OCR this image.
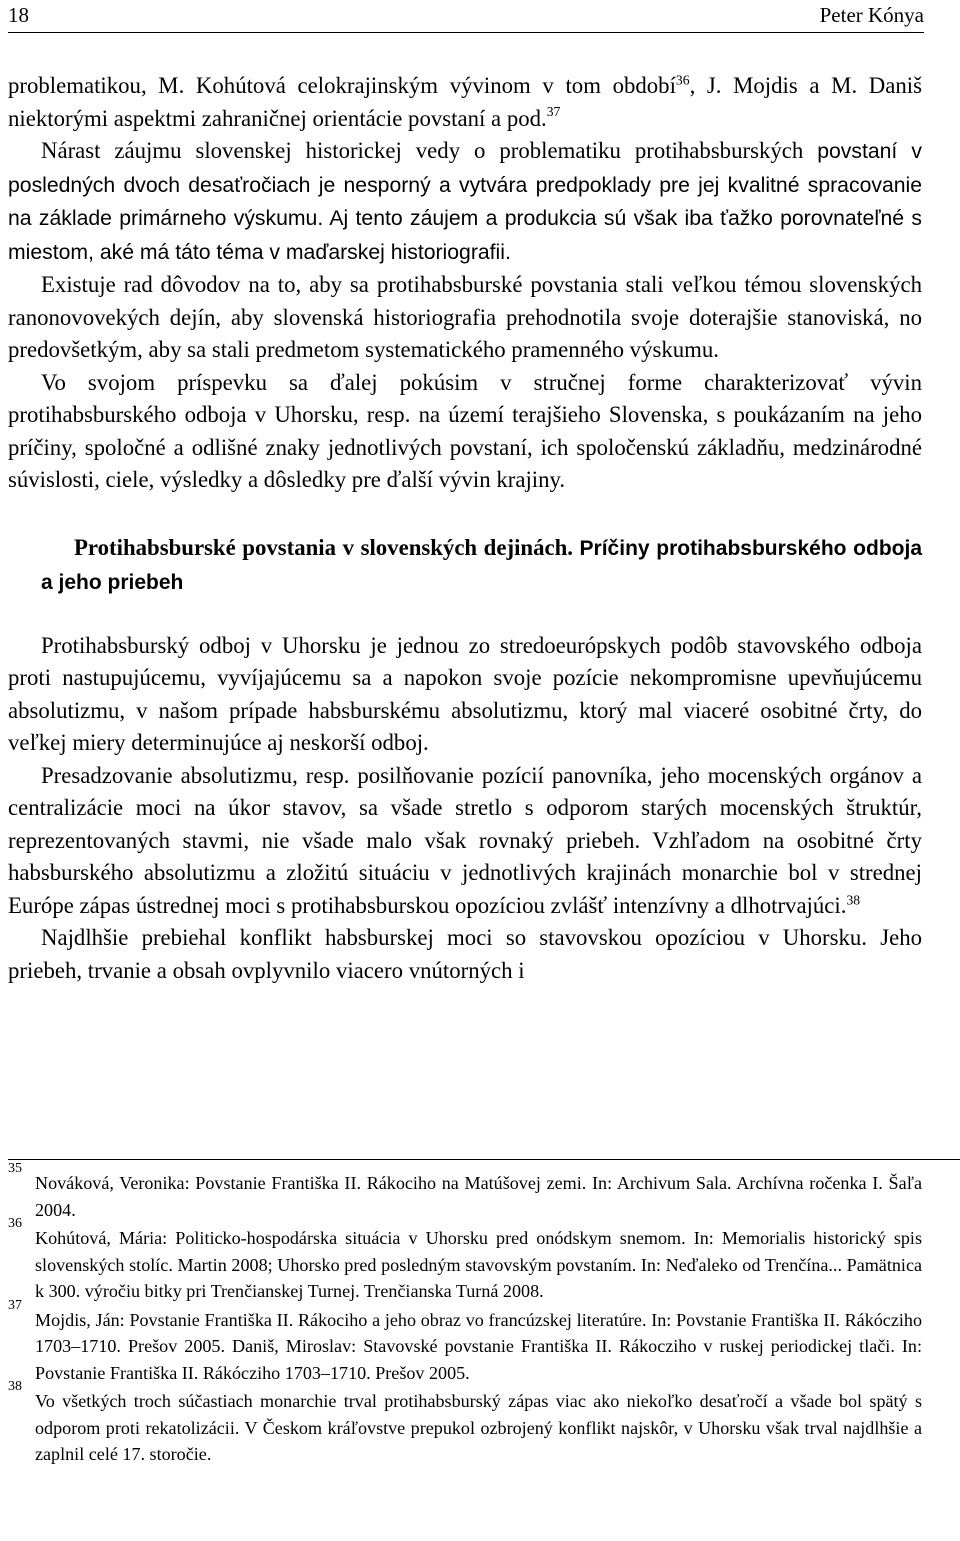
18	Peter Kónya

problematikou, M. Kohútová celokrajinským vývinom v tom období$^{36}$, J. Mojdis a M. Daniš niektorými aspektmi zahraničnej orientácie povstaní a pod.$^{37}$

Nárast záujmu slovenskej historickej vedy o problematiku protihabsburských povstaní v posledných dvoch desaťročiach je nesporný a vytvára predpoklady pre jej kvalitné spracovanie na základe primárneho výskumu. Aj tento záujem a produkcia sú však iba ťažko porovnateľné s miestom, aké má táto téma v maďarskej historiografii.

Existuje rad dôvodov na to, aby sa protihabsburské povstania stali veľkou témou slovenských ranonovovekých dejín, aby slovenská historiografia prehodnotila svoje doterajšie stanoviská, no predovšetkým, aby sa stali predmetom systematického pramenného výskumu.

Vo svojom príspevku sa ďalej pokúsim v stručnej forme charakterizovať vývin protihabsburského odboja v Uhorsku, resp. na území terajšieho Slovenska, s poukázaním na jeho príčiny, spoločné a odlišné znaky jednotlivých povstaní, ich spoločenskú základňu, medzinárodné súvislosti, ciele, výsledky a dôsledky pre ďalší vývin krajiny.

Protihabsburské povstania v slovenských dejinách. Príčiny protihabsburského odboja a jeho priebeh

Protihabsburský odboj v Uhorsku je jednou zo stredoeurópskych podôb stavovského odboja proti nastupujúcemu, vyvíjajúcemu sa a napokon svoje pozície nekompromisne upevňujúcemu absolutizmu, v našom prípade habsburskému absolutizmu, ktorý mal viaceré osobitné črty, do veľkej miery determinujúce aj neskorší odboj.

Presadzovanie absolutizmu, resp. posilňovanie pozícií panovníka, jeho mocenských orgánov a centralizácie moci na úkor stavov, sa všade stretlo s odporom starých mocenských štruktúr, reprezentovaných stavmi, nie všade malo však rovnaký priebeh. Vzhľadom na osobitné črty habsburského absolutizmu a zložitú situáciu v jednotlivých krajinách monarchie bol v strednej Európe zápas ústrednej moci s protihabsburskou opozíciou zvlášť intenzívny a dlhotrvajúci.$^{38}$

Najdlhšie prebiehal konflikt habsburskej moci so stavovskou opozíciou v Uhorsku. Jeho priebeh, trvanie a obsah ovplyvnilo viacero vnútorných i

35
Nováková, Veronika: Povstanie Františka II. Rákociho na Matúšovej zemi. In: Archivum Sala. Archívna ročenka I. Šaľa 2004.
36
Kohútová, Mária: Politicko-hospodárska situácia v Uhorsku pred onódskym snemom. In: Memorialis historický spis slovenských stolíc. Martin 2008; Uhorsko pred posledným stavovským povstaním. In: Neďaleko od Trenčína... Pamätnica k 300. výročiu bitky pri Trenčianskej Turnej. Trenčianska Turná 2008.
37
Mojdis, Ján: Povstanie Františka II. Rákociho a jeho obraz vo francúzskej literatúre. In: Povstanie Františka II. Rákócziho 1703–1710. Prešov 2005. Daniš, Miroslav: Stavovské povstanie Františka II. Rákocziho v ruskej periodickej tlači. In: Povstanie Františka II. Rákócziho 1703–1710. Prešov 2005.
38
Vo všetkých troch súčastiach monarchie trval protihabsburský zápas viac ako niekoľko desaťročí a všade bol spätý s odporom proti rekatolizácii. V Českom kráľovstve prepukol ozbrojený konflikt najskôr, v Uhorsku však trval najdlhšie a zaplnil celé 17. storočie.
